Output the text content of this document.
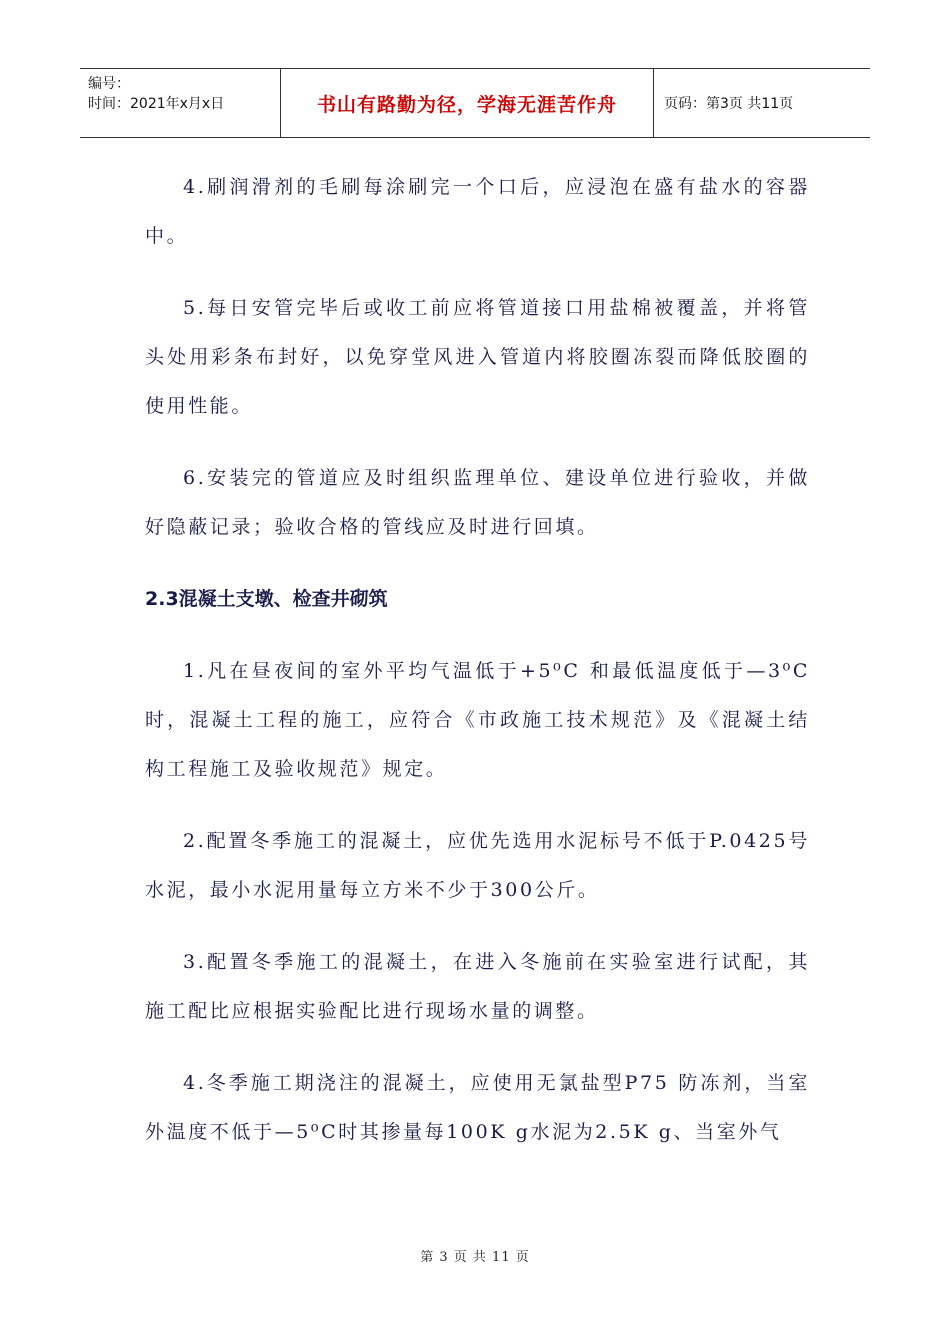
编号：
时间：2021年x月x日	书山有路勤为径，学海无涯苦作舟	页码：第3页 共11页

4.刷润滑剂的毛刷每涂刷完一个口后，应浸泡在盛有盐水的容器中。

5.每日安管完毕后或收工前应将管道接口用盐棉被覆盖，并将管头处用彩条布封好，以免穿堂风进入管道内将胶圈冻裂而降低胶圈的使用性能。

6.安装完的管道应及时组织监理单位、建设单位进行验收，并做好隐蔽记录；验收合格的管线应及时进行回填。

2.3混凝土支墩、检查井砌筑

1.凡在昼夜间的室外平均气温低于+5⁰C 和最低温度低于—3⁰C时，混凝土工程的施工，应符合《市政施工技术规范》及《混凝土结构工程施工及验收规范》规定。

2.配置冬季施工的混凝土，应优先选用水泥标号不低于P.0425号水泥，最小水泥用量每立方米不少于300公斤。

3.配置冬季施工的混凝土，在进入冬施前在实验室进行试配，其施工配比应根据实验配比进行现场水量的调整。

4.冬季施工期浇注的混凝土，应使用无氯盐型P75 防冻剂，当室外温度不低于—5⁰C时其掺量每100K g水泥为2.5K g、当室外气

第 3 页 共 11 页
